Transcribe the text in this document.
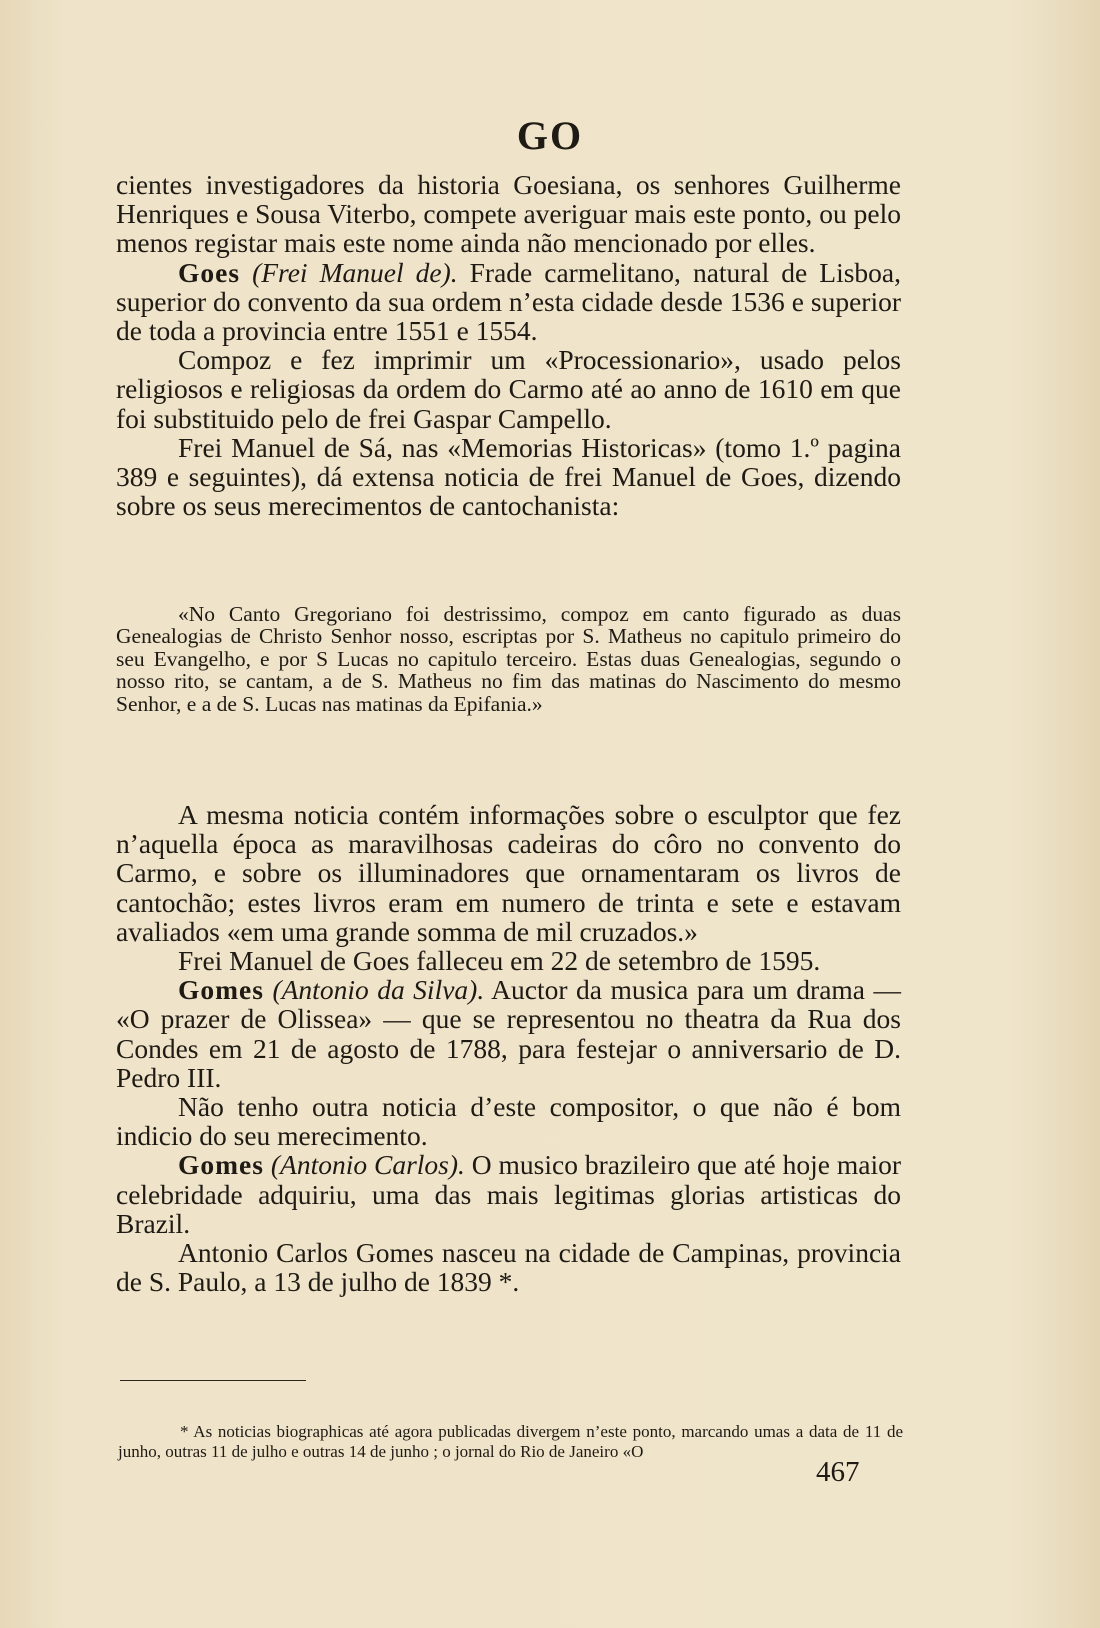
GO

cientes investigadores da historia Goesiana, os senhores Guilherme Henriques e Sousa Viterbo, compete averiguar mais este ponto, ou pelo menos registar mais este nome ainda não mencionado por elles.

Goes (Frei Manuel de). Frade carmelitano, natural de Lisboa, superior do convento da sua ordem n’esta cidade desde 1536 e superior de toda a provincia entre 1551 e 1554.

Compoz e fez imprimir um «Processionario», usado pelos religiosos e religiosas da ordem do Carmo até ao anno de 1610 em que foi substituido pelo de frei Gaspar Campello.

Frei Manuel de Sá, nas «Memorias Historicas» (tomo 1.º pagina 389 e seguintes), dá extensa noticia de frei Manuel de Goes, dizendo sobre os seus merecimentos de cantochanista:

«No Canto Gregoriano foi destrissimo, compoz em canto figurado as duas Genealogias de Christo Senhor nosso, escriptas por S. Matheus no capitulo primeiro do seu Evangelho, e por S Lucas no capitulo terceiro. Estas duas Genealogias, segundo o nosso rito, se cantam, a de S. Matheus no fim das matinas do Nascimento do mesmo Senhor, e a de S. Lucas nas matinas da Epifania.»

A mesma noticia contém informações sobre o esculptor que fez n’aquella época as maravilhosas cadeiras do côro no convento do Carmo, e sobre os illuminadores que ornamentaram os livros de cantochão; estes livros eram em numero de trinta e sete e estavam avaliados «em uma grande somma de mil cruzados.»

Frei Manuel de Goes falleceu em 22 de setembro de 1595.

Gomes (Antonio da Silva). Auctor da musica para um drama — «O prazer de Olissea» — que se representou no theatra da Rua dos Condes em 21 de agosto de 1788, para festejar o anniversario de D. Pedro III.

Não tenho outra noticia d’este compositor, o que não é bom indicio do seu merecimento.

Gomes (Antonio Carlos). O musico brazileiro que até hoje maior celebridade adquiriu, uma das mais legitimas glorias artisticas do Brazil.

Antonio Carlos Gomes nasceu na cidade de Campinas, provincia de S. Paulo, a 13 de julho de 1839 *.

* As noticias biographicas até agora publicadas divergem n’este ponto, marcando umas a data de 11 de junho, outras 11 de julho e outras 14 de junho ; o jornal do Rio de Janeiro «O

467
